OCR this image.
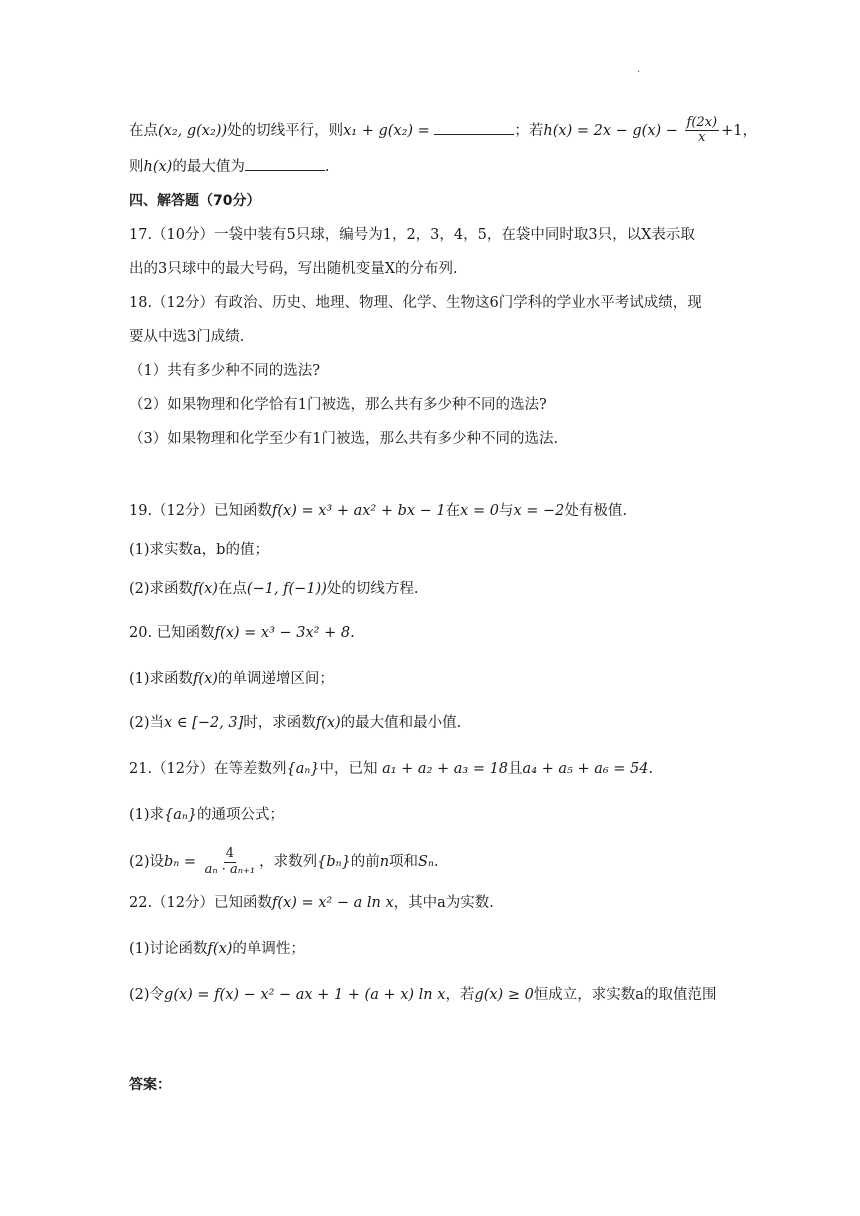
.
在点(x₂, g(x₂))处的切线平行，则x₁ + g(x₂) =	；若$h(x) = 2x - g(x) - \frac{f(2x)}{x} +1$，
则h(x)的最大值为	.
四、解答题（70分）
17.（10分）一袋中装有5只球，编号为1，2，3，4，5，在袋中同时取3只，以X表示取
出的3只球中的最大号码，写出随机变量X的分布列.
18.（12分）有政治、历史、地理、物理、化学、生物这6门学科的学业水平考试成绩，现
要从中选3门成绩.
（1）共有多少种不同的选法?
（2）如果物理和化学恰有1门被选，那么共有多少种不同的选法?
（3）如果物理和化学至少有1门被选，那么共有多少种不同的选法.
19.（12分）已知函数f(x) = x³ + ax² + bx − 1在x = 0与x = −2处有极值.
(1)求实数a，b的值；
(2)求函数f(x)在点(−1, f(−1))处的切线方程.
20. 已知函数f(x) = x³ − 3x² + 8.
(1)求函数f(x)的单调递增区间；
(2)当x ∈ [−2, 3]时，求函数f(x)的最大值和最小值.
21.（12分）在等差数列{aₙ}中，已知 a₁ + a₂ + a₃ = 18且a₄ + a₅ + a₆ = 54.
(1)求{aₙ}的通项公式；
(2)设$b_n = \frac{4}{\text{aₙ · aₙ₊₁}}$ ，求数列{bₙ}的前n项和Sₙ.
22.（12分）已知函数f(x) = x² − a ln x，其中a为实数.
(1)讨论函数f(x)的单调性；
(2)令g(x) = f(x) − x² − ax + 1 + (a + x) ln x，若g(x) ≥ 0恒成立，求实数a的取值范围
答案：
